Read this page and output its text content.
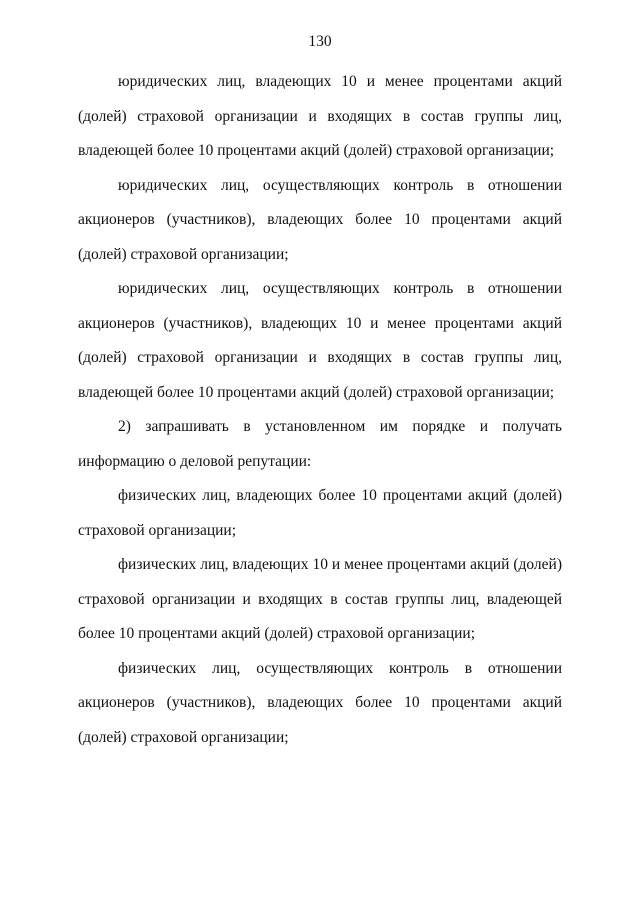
130

юридических лиц, владеющих 10 и менее процентами акций (долей) страховой организации и входящих в состав группы лиц, владеющей более 10 процентами акций (долей) страховой организации;

юридических лиц, осуществляющих контроль в отношении акционеров (участников), владеющих более 10 процентами акций (долей) страховой организации;

юридических лиц, осуществляющих контроль в отношении акционеров (участников), владеющих 10 и менее процентами акций (долей) страховой организации и входящих в состав группы лиц, владеющей более 10 процентами акций (долей) страховой организации;

2) запрашивать в установленном им порядке и получать информацию о деловой репутации:

физических лиц, владеющих более 10 процентами акций (долей) страховой организации;

физических лиц, владеющих 10 и менее процентами акций (долей) страховой организации и входящих в состав группы лиц, владеющей более 10 процентами акций (долей) страховой организации;

физических лиц, осуществляющих контроль в отношении акционеров (участников), владеющих более 10 процентами акций (долей) страховой организации;
